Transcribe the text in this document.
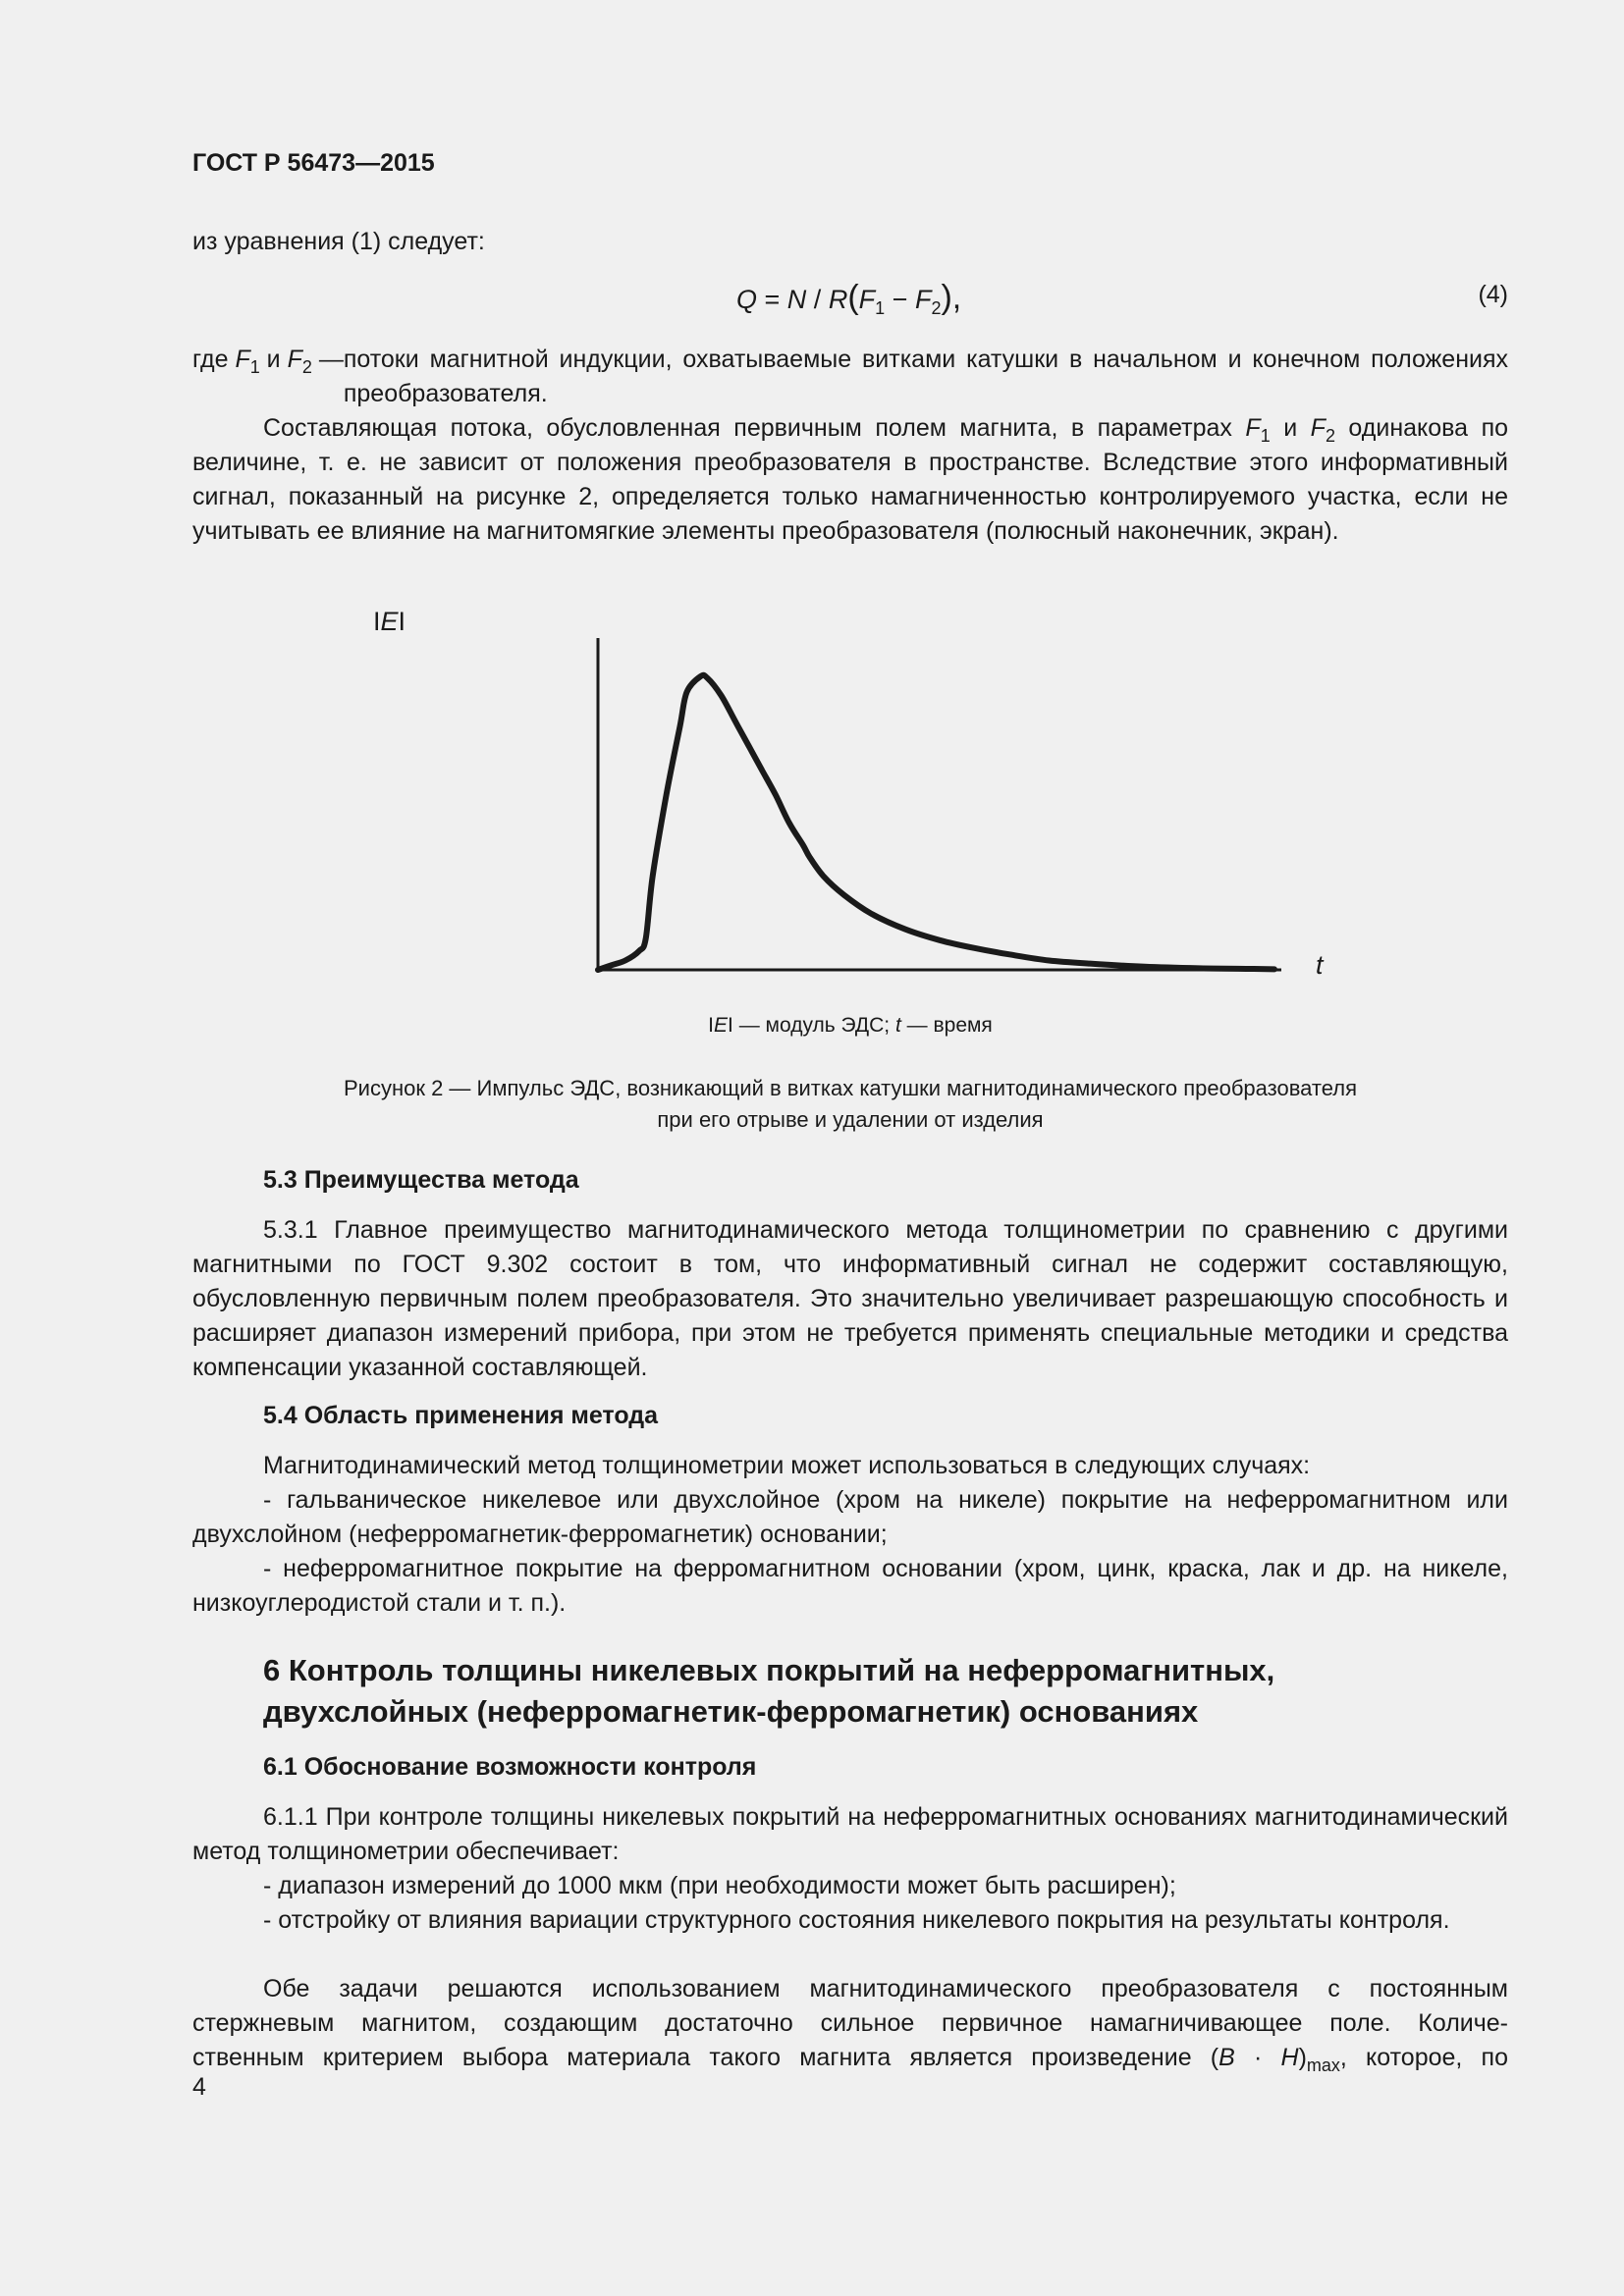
ГОСТ Р 56473—2015
из уравнения (1) следует:
$Q = N / R(F_1 - F_2)$,	(4)
где $F_1$ и $F_2$ — потоки магнитной индукции, охватываемые витками катушки в начальном и конечном положениях преобразователя.
Составляющая потока, обусловленная первичным полем магнита, в параметрах $F_1$ и $F_2$ одинакова по величине, т. е. не зависит от положения преобразователя в пространстве. Вследствие этого информативный сигнал, показанный на рисунке 2, определяется только намагниченностью контролируемого участка, если не учитывать ее влияние на магнитомягкие элементы преобразователя (полюсный наконечник, экран).
IEI
t
IEI — модуль ЭДС; t — время
Рисунок 2 — Импульс ЭДС, возникающий в витках катушки магнитодинамического преобразователя
при его отрыве и удалении от изделия
5.3 Преимущества метода
5.3.1 Главное преимущество магнитодинамического метода толщинометрии по сравнению с другими магнитными по ГОСТ 9.302 состоит в том, что информативный сигнал не содержит составляющую, обусловленную первичным полем преобразователя. Это значительно увеличивает разрешающую способность и расширяет диапазон измерений прибора, при этом не требуется применять специальные методики и средства компенсации указанной составляющей.
5.4 Область применения метода
Магнитодинамический метод толщинометрии может использоваться в следующих случаях:
- гальваническое никелевое или двухслойное (хром на никеле) покрытие на неферромагнитном или двухслойном (неферромагнетик-ферромагнетик) основании;
- неферромагнитное покрытие на ферромагнитном основании (хром, цинк, краска, лак и др. на никеле, низкоуглеродистой стали и т. п.).
6 Контроль толщины никелевых покрытий на неферромагнитных,
двухслойных (неферромагнетик-ферромагнетик) основаниях
6.1 Обоснование возможности контроля
6.1.1 При контроле толщины никелевых покрытий на неферромагнитных основаниях магнитодинамический метод толщинометрии обеспечивает:
- диапазон измерений до 1000 мкм (при необходимости может быть расширен);
- отстройку от влияния вариации структурного состояния никелевого покрытия на результаты контроля.
Обе задачи решаются использованием магнитодинамического преобразователя с постоянным
стержневым магнитом, создающим достаточно сильное первичное намагничивающее поле. Количе-
ственным критерием выбора материала такого магнита является произведение $(B \cdot H)_{max}$, которое, по
4
